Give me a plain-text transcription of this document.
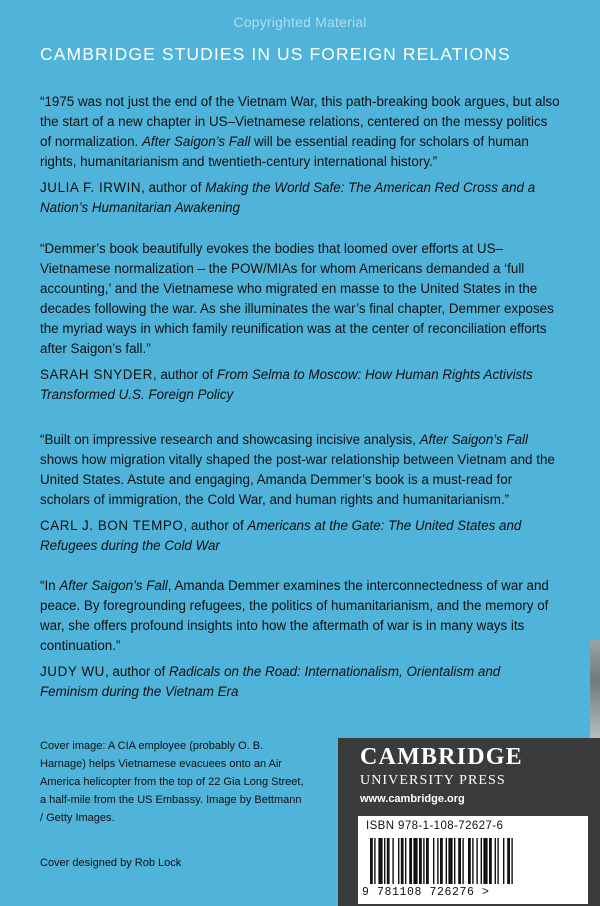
Copyrighted Material
CAMBRIDGE STUDIES IN US FOREIGN RELATIONS

“1975 was not just the end of the Vietnam War, this path-breaking book argues, but also the start of a new chapter in US–Vietnamese relations, centered on the messy politics of normalization. After Saigon’s Fall will be essential reading for scholars of human rights, humanitarianism and twentieth-century international history.”

JULIA F. IRWIN, author of Making the World Safe: The American Red Cross and a Nation’s Humanitarian Awakening

“Demmer’s book beautifully evokes the bodies that loomed over efforts at US–Vietnamese normalization – the POW/MIAs for whom Americans demanded a ‘full accounting,’ and the Vietnamese who migrated en masse to the United States in the decades following the war. As she illuminates the war’s final chapter, Demmer exposes the myriad ways in which family reunification was at the center of reconciliation efforts after Saigon’s fall.”

SARAH SNYDER, author of From Selma to Moscow: How Human Rights Activists Transformed U.S. Foreign Policy

“Built on impressive research and showcasing incisive analysis, After Saigon’s Fall shows how migration vitally shaped the post-war relationship between Vietnam and the United States. Astute and engaging, Amanda Demmer’s book is a must-read for scholars of immigration, the Cold War, and human rights and humanitarianism.”

CARL J. BON TEMPO, author of Americans at the Gate: The United States and Refugees during the Cold War

“In After Saigon’s Fall, Amanda Demmer examines the interconnectedness of war and peace. By foregrounding refugees, the politics of humanitarianism, and the memory of war, she offers profound insights into how the aftermath of war is in many ways its continuation.”

JUDY WU, author of Radicals on the Road: Internationalism, Orientalism and Feminism during the Vietnam Era

Cover image: A CIA employee (probably O. B. Harnage) helps Vietnamese evacuees onto an Air America helicopter from the top of 22 Gia Long Street, a half-mile from the US Embassy. Image by Bettmann / Getty Images.
Cover designed by Rob Lock
CAMBRIDGE
UNIVERSITY PRESS
www.cambridge.org
ISBN 978-1-108-72627-6
9 781108 726276 >
